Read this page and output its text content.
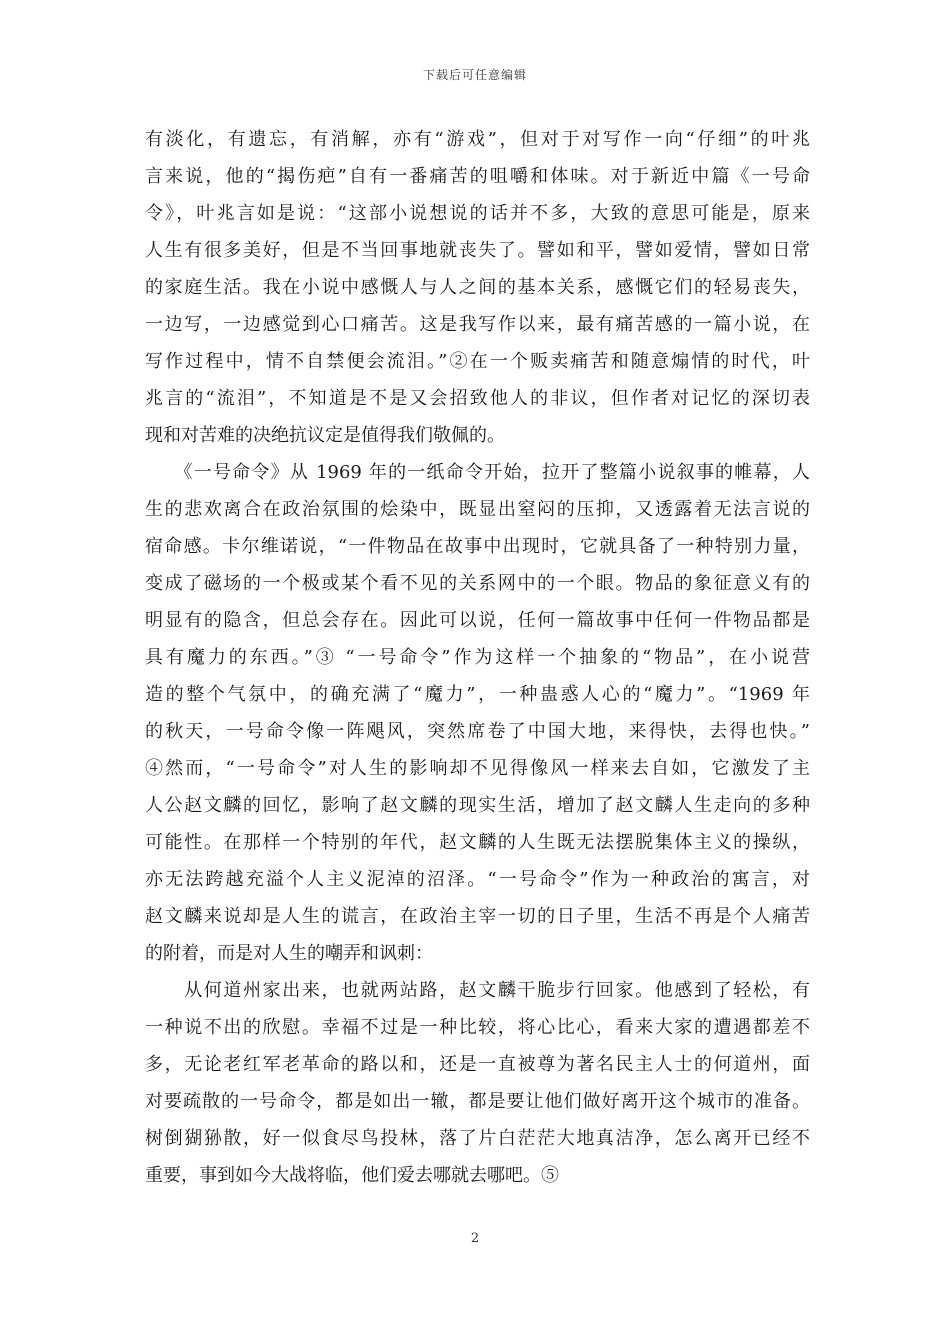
下载后可任意编辑
有淡化，有遗忘，有消解，亦有“游戏”，但对于对写作一向“仔细”的叶兆
言来说，他的“揭伤疤”自有一番痛苦的咀嚼和体味。对于新近中篇《一号命
令》，叶兆言如是说：“这部小说想说的话并不多，大致的意思可能是，原来
人生有很多美好，但是不当回事地就丧失了。譬如和平，譬如爱情，譬如日常
的家庭生活。我在小说中感慨人与人之间的基本关系，感慨它们的轻易丧失，
一边写，一边感觉到心口痛苦。这是我写作以来，最有痛苦感的一篇小说，在
写作过程中，情不自禁便会流泪。”②在一个贩卖痛苦和随意煽情的时代，叶
兆言的“流泪”，不知道是不是又会招致他人的非议，但作者对记忆的深切表
现和对苦难的决绝抗议定是值得我们敬佩的。
　　《一号命令》从 1969 年的一纸命令开始，拉开了整篇小说叙事的帷幕，人
生的悲欢离合在政治氛围的烩染中，既显出窒闷的压抑，又透露着无法言说的
宿命感。卡尔维诺说，“一件物品在故事中出现时，它就具备了一种特别力量，
变成了磁场的一个极或某个看不见的关系网中的一个眼。物品的象征意义有的
明显有的隐含，但总会存在。因此可以说，任何一篇故事中任何一件物品都是
具有魔力的东西。”③ “一号命令”作为这样一个抽象的“物品”，在小说营
造的整个气氛中，的确充满了“魔力”，一种蛊惑人心的“魔力”。“1969 年
的秋天，一号命令像一阵飓风，突然席卷了中国大地，来得快，去得也快。”
④然而，“一号命令”对人生的影响却不见得像风一样来去自如，它激发了主
人公赵文麟的回忆，影响了赵文麟的现实生活，增加了赵文麟人生走向的多种
可能性。在那样一个特别的年代，赵文麟的人生既无法摆脱集体主义的操纵，
亦无法跨越充溢个人主义泥淖的沼泽。“一号命令”作为一种政治的寓言，对
赵文麟来说却是人生的谎言，在政治主宰一切的日子里，生活不再是个人痛苦
的附着，而是对人生的嘲弄和讽刺：
　　从何道州家出来，也就两站路，赵文麟干脆步行回家。他感到了轻松，有
一种说不出的欣慰。幸福不过是一种比较，将心比心，看来大家的遭遇都差不
多，无论老红军老革命的路以和，还是一直被尊为著名民主人士的何道州，面
对要疏散的一号命令，都是如出一辙，都是要让他们做好离开这个城市的准备。
树倒猢狲散，好一似食尽鸟投林，落了片白茫茫大地真洁净，怎么离开已经不
重要，事到如今大战将临，他们爱去哪就去哪吧。⑤
2
